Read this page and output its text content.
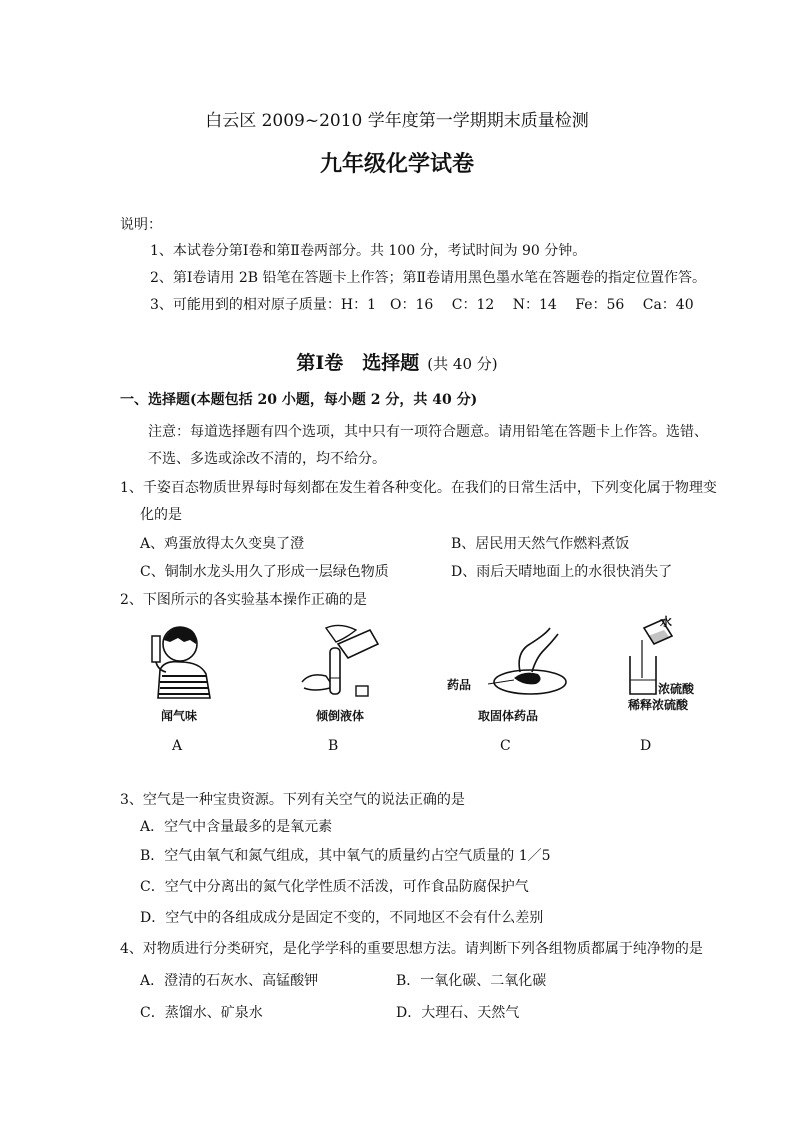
白云区 2009~2010 学年度第一学期期末质量检测
九年级化学试卷
说明：
1、本试卷分第Ⅰ卷和第Ⅱ卷两部分。共 100 分，考试时间为 90 分钟。
2、第Ⅰ卷请用 2B 铅笔在答题卡上作答；第Ⅱ卷请用黑色墨水笔在答题卷的指定位置作答。
3、可能用到的相对原子质量：H：1　O：16　 C：12　 N：14　 Fe：56　 Ca：40
第Ⅰ卷　选择题 (共 40 分)
一、选择题(本题包括 20 小题，每小题 2 分，共 40 分)
注意：每道选择题有四个选项，其中只有一项符合题意。请用铅笔在答题卡上作答。选错、
不选、多选或涂改不清的，均不给分。
1、千姿百态物质世界每时每刻都在发生着各种变化。在我们的日常生活中，下列变化属于物理变
化的是
A、鸡蛋放得太久变臭了澄	B、居民用天然气作燃料煮饭
C、铜制水龙头用久了形成一层绿色物质	D、雨后天晴地面上的水很快消失了
2、下图所示的各实验基本操作正确的是
闻气味	倾倒液体
药品
取固体药品
水
浓硫酸
稀释浓硫酸
A	B	C	D
3、空气是一种宝贵资源。下列有关空气的说法正确的是
A．空气中含量最多的是氧元素
B．空气由氧气和氮气组成，其中氧气的质量约占空气质量的 1／5
C．空气中分离出的氮气化学性质不活泼，可作食品防腐保护气
D．空气中的各组成成分是固定不变的，不同地区不会有什么差别
4、对物质进行分类研究，是化学学科的重要思想方法。请判断下列各组物质都属于纯净物的是
A．澄清的石灰水、高锰酸钾	B．一氧化碳、二氧化碳
C．蒸馏水、矿泉水	D．大理石、天然气
